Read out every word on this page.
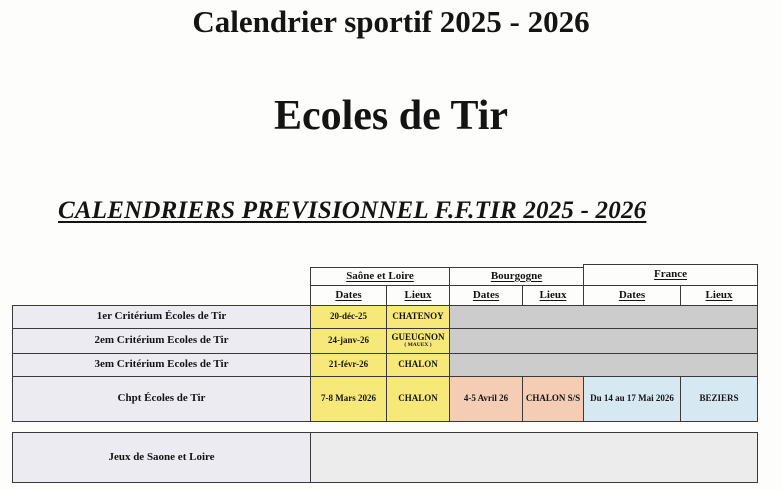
Calendrier sportif 2025 - 2026
Ecoles de Tir
CALENDRIERS PREVISIONNEL F.F.TIR 2025 - 2026
Saône et Loire	Bourgogne	France
Dates	Lieux	Dates	Lieux	Dates	Lieux
1er Critérium Écoles de Tir	20-déc-25	CHATENOY
2em Critérium Ecoles de Tir	24-janv-26	GUEUGNON
( MAUEX )
3em Critérium Ecoles de Tir	21-févr-26	CHALON
Chpt Écoles de Tir	7-8 Mars 2026	CHALON	4-5 Avril 26	CHALON S/S	Du 14 au 17 Mai 2026	BEZIERS
Jeux de Saone et Loire
